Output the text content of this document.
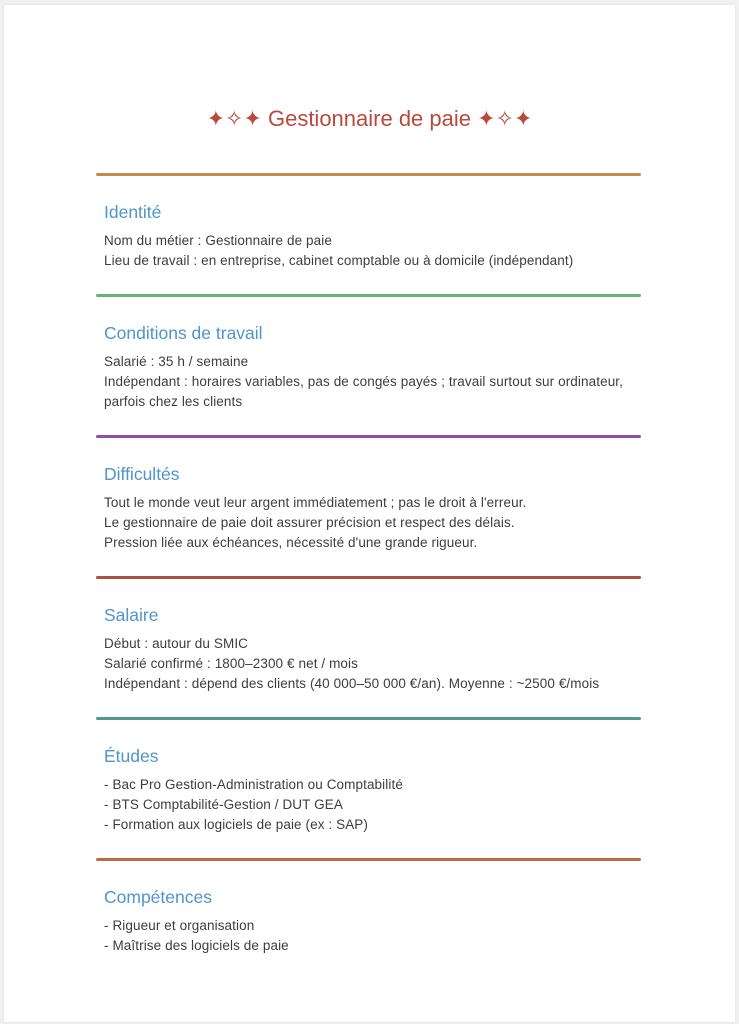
✦✧✦ Gestionnaire de paie ✦✧✦
Identité
Nom du métier : Gestionnaire de paie
Lieu de travail : en entreprise, cabinet comptable ou à domicile (indépendant)
Conditions de travail
Salarié : 35 h / semaine
Indépendant : horaires variables, pas de congés payés ; travail surtout sur ordinateur,
parfois chez les clients
Difficultés
Tout le monde veut leur argent immédiatement ; pas le droit à l'erreur.
Le gestionnaire de paie doit assurer précision et respect des délais.
Pression liée aux échéances, nécessité d'une grande rigueur.
Salaire
Début : autour du SMIC
Salarié confirmé : 1800–2300 € net / mois
Indépendant : dépend des clients (40 000–50 000 €/an). Moyenne : ~2500 €/mois
Études
- Bac Pro Gestion-Administration ou Comptabilité
- BTS Comptabilité-Gestion / DUT GEA
- Formation aux logiciels de paie (ex : SAP)
Compétences
- Rigueur et organisation
- Maîtrise des logiciels de paie
